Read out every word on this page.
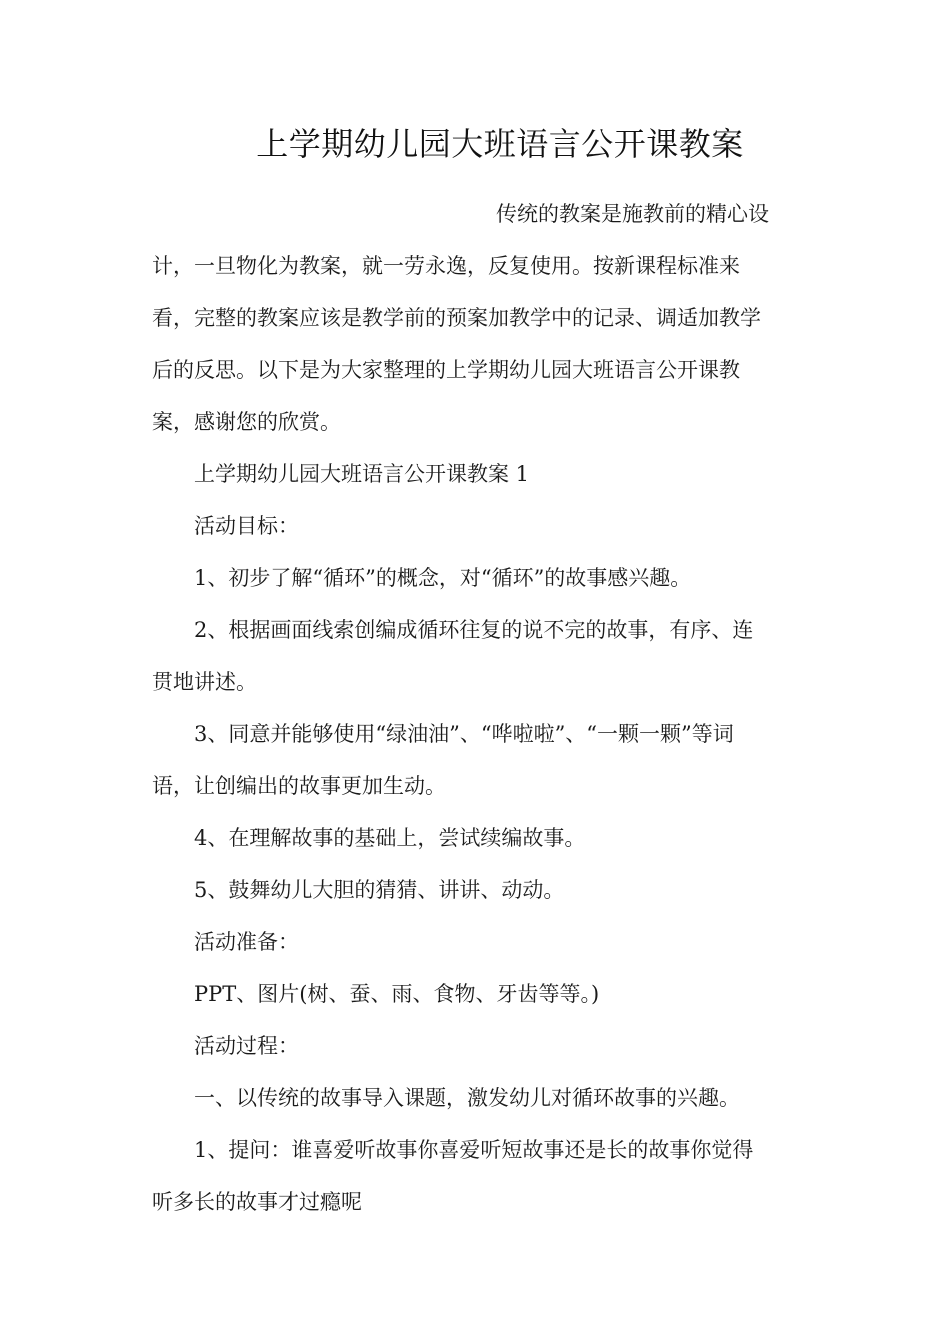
上学期幼儿园大班语言公开课教案
传统的教案是施教前的精心设
计，一旦物化为教案，就一劳永逸，反复使用。按新课程标准来
看，完整的教案应该是教学前的预案加教学中的记录、调适加教学
后的反思。以下是为大家整理的上学期幼儿园大班语言公开课教
案，感谢您的欣赏。
上学期幼儿园大班语言公开课教案 1
活动目标：
1、初步了解“循环”的概念，对“循环”的故事感兴趣。
2、根据画面线索创编成循环往复的说不完的故事，有序、连
贯地讲述。
3、同意并能够使用“绿油油”、“哗啦啦”、“一颗一颗”等词
语，让创编出的故事更加生动。
4、在理解故事的基础上，尝试续编故事。
5、鼓舞幼儿大胆的猜猜、讲讲、动动。
活动准备：
PPT、图片(树、蚕、雨、食物、牙齿等等。)
活动过程：
一、以传统的故事导入课题，激发幼儿对循环故事的兴趣。
1、提问：谁喜爱听故事你喜爱听短故事还是长的故事你觉得
听多长的故事才过瘾呢
